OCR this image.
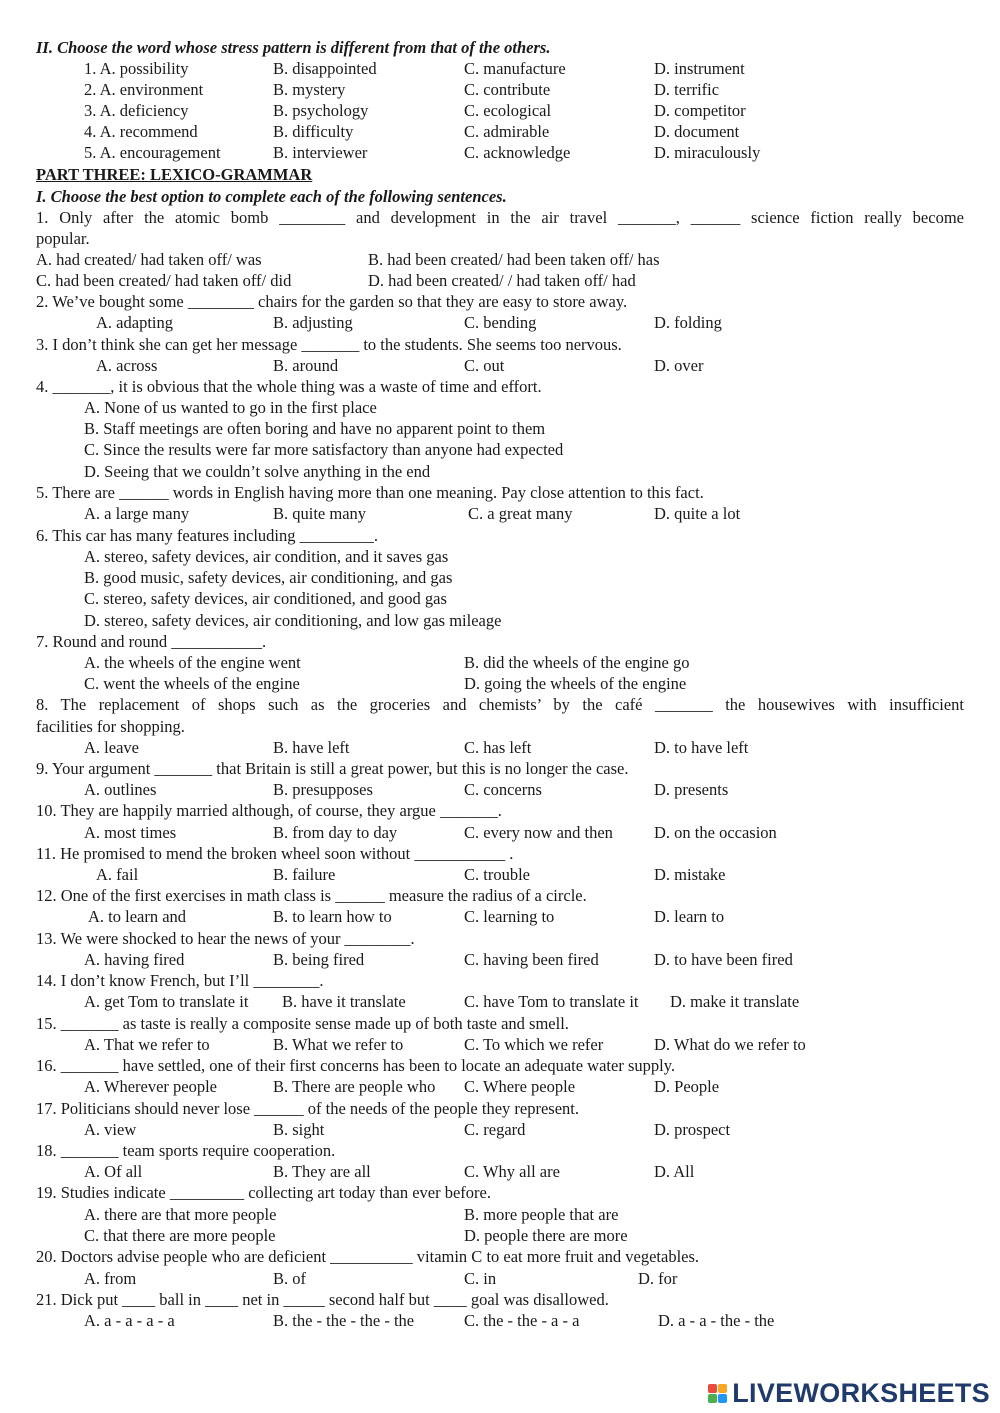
II. Choose the word whose stress pattern is different from that of the others.
1. A. possibility	B. disappointed	C. manufacture	D. instrument
2. A. environment	B. mystery	C. contribute	D. terrific
3. A. deficiency	B. psychology	C. ecological	D. competitor
4. A. recommend	B. difficulty	C. admirable	D. document
5. A. encouragement	B. interviewer	C. acknowledge	D. miraculously
PART THREE: LEXICO-GRAMMAR
I. Choose the best option to complete each of the following sentences.
1. Only after the atomic bomb ________ and development in the air travel _______, ______ science fiction really become
popular.
A. had created/ had taken off/ was	B. had been created/ had been taken off/ has
C. had been created/ had taken off/ did	D. had been created/ / had taken off/ had
2. We’ve bought some ________ chairs for the garden so that they are easy to store away.
A. adapting	B. adjusting	C. bending	D. folding
3. I don’t think she can get her message _______ to the students. She seems too nervous.
A. across	B. around	C. out	D. over
4. _______, it is obvious that the whole thing was a waste of time and effort.
A. None of us wanted to go in the first place
B. Staff meetings are often boring and have no apparent point to them
C. Since the results were far more satisfactory than anyone had expected
D. Seeing that we couldn’t solve anything in the end
5. There are ______ words in English having more than one meaning. Pay close attention to this fact.
A. a large many	B. quite many	C. a great many	D. quite a lot
6. This car has many features including _________.
A. stereo, safety devices, air condition, and it saves gas
B. good music, safety devices, air conditioning, and gas
C. stereo, safety devices, air conditioned, and good gas
D. stereo, safety devices, air conditioning, and low gas mileage
7. Round and round ___________.
A. the wheels of the engine went	B. did the wheels of the engine go
C. went the wheels of the engine	D. going the wheels of the engine
8. The replacement of shops such as the groceries and chemists’ by the café _______ the housewives with insufficient
facilities for shopping.
A. leave	B. have left	C. has left	D. to have left
9. Your argument _______ that Britain is still a great power, but this is no longer the case.
A. outlines	B. presupposes	C. concerns	D. presents
10. They are happily married although, of course, they argue _______.
A. most times	B. from day to day	C. every now and then D. on the occasion
11. He promised to mend the broken wheel soon without ___________ .
A. fail	B. failure	C. trouble	D. mistake
12. One of the first exercises in math class is ______ measure the radius of a circle.
A. to learn and	B. to learn how to	C. learning to	D. learn to
13. We were shocked to hear the news of your ________.
A. having fired	B. being fired	C. having been fired	D. to have been fired
14. I don’t know French, but I’ll ________.
A. get Tom to translate it B. have it translate	C. have Tom to translate it D. make it translate
15. _______ as taste is really a composite sense made up of both taste and smell.
A. That we refer to	B. What we refer to	C. To which we refer	D. What do we refer to
16. _______ have settled, one of their first concerns has been to locate an adequate water supply.
A. Wherever people	B. There are people who C. Where people	D. People
17. Politicians should never lose ______ of the needs of the people they represent.
A. view	B. sight	C. regard	D. prospect
18. _______ team sports require cooperation.
A. Of all	B. They are all	C. Why all are	D. All
19. Studies indicate _________ collecting art today than ever before.
A. there are that more people	B. more people that are
C. that there are more people	D. people there are more
20. Doctors advise people who are deficient __________ vitamin C to eat more fruit and vegetables.
A. from	B. of	C. in	D. for
21. Dick put ____ ball in ____ net in _____ second half but ____ goal was disallowed.
A. a - a - a - a	B. the - the - the - the	C. the - the - a - a	D. a - a - the - the
LIVEWORKSHEETS
